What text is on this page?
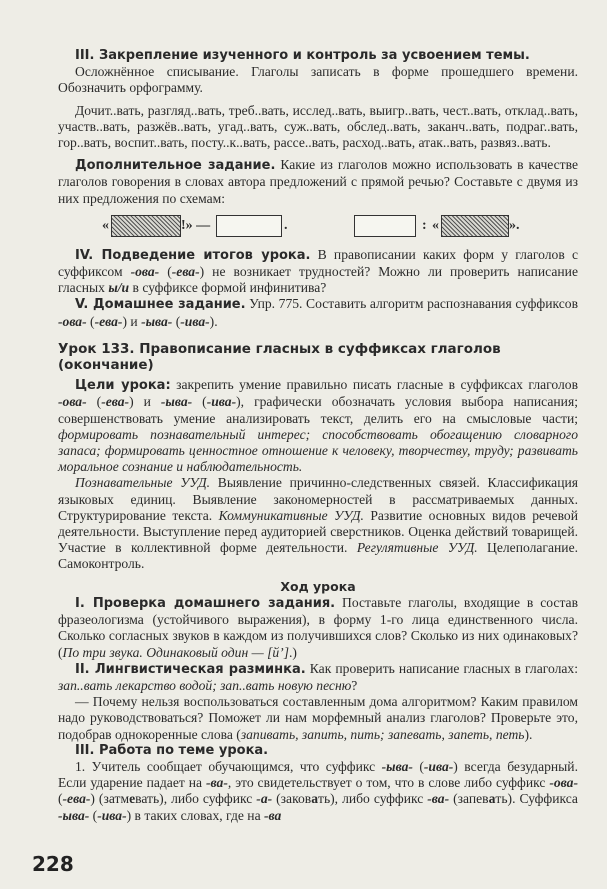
III. Закрепление изученного и контроль за усвоением темы.

Осложнённое списывание. Глаголы записать в форме прошедшего времени. Обозначить орфограмму.

Дочит..вать, разгляд..вать, треб..вать, исслед..вать, выигр..вать, чест..вать, отклад..вать, участв..вать, разжёв..вать, угад..вать, суж..вать, обслед..вать, заканч..вать, подраг..вать, гор..вать, воспит..вать, посту..к..вать, рассе..вать, расход..вать, атак..вать, развяз..вать.

Дополнительное задание. Какие из глаголов можно использовать в качестве глаголов говорения в словах автора предложений с прямой речью? Составьте с двумя из них предложения по схемам:

«	!» —	.	: «	».

IV. Подведение итогов урока. В правописании каких форм у глаголов с суффиксом -ова- (-ева-) не возникает трудностей? Можно ли проверить написание гласных ы/и в суффиксе формой инфинитива?

V. Домашнее задание. Упр. 775. Составить алгоритм распознавания суффиксов -ова- (-ева-) и -ыва- (-ива-).

Урок 133. Правописание гласных в суффиксах глаголов (окончание)

Цели урока: закрепить умение правильно писать гласные в суффиксах глаголов -ова- (-ева-) и -ыва- (-ива-), графически обозначать условия выбора написания; совершенствовать умение анализировать текст, делить его на смысловые части; формировать познавательный интерес; способствовать обогащению словарного запаса; формировать ценностное отношение к человеку, творчеству, труду; развивать моральное сознание и наблюдательность.

Познавательные УУД. Выявление причинно-следственных связей. Классификация языковых единиц. Выявление закономерностей в рассматриваемых данных. Структурирование текста. Коммуникативные УУД. Развитие основных видов речевой деятельности. Выступление перед аудиторией сверстников. Оценка действий товарищей. Участие в коллективной форме деятельности. Регулятивные УУД. Целеполагание. Самоконтроль.

Ход урока

I. Проверка домашнего задания. Поставьте глаголы, входящие в состав фразеологизма (устойчивого выражения), в форму 1-го лица единственного числа. Сколько согласных звуков в каждом из получившихся слов? Сколько из них одинаковых? (По три звука. Одинаковый один — [й’].)

II. Лингвистическая разминка. Как проверить написание гласных в глаголах: зап..вать лекарство водой; зап..вать новую песню?

— Почему нельзя воспользоваться составленным дома алгоритмом? Каким правилом надо руководствоваться? Поможет ли нам морфемный анализ глаголов? Проверьте это, подобрав однокоренные слова (запивать, запить, пить; запевать, запеть, петь).

III. Работа по теме урока.

1. Учитель сообщает обучающимся, что суффикс -ыва- (-ива-) всегда безударный. Если ударение падает на -ва-, это свидетельствует о том, что в слове либо суффикс -ова- (-ева-) (затмевать), либо суффикс -а- (заковать), либо суффикс -ва- (запевать). Суффикса -ыва- (-ива-) в таких словах, где на -ва

228
